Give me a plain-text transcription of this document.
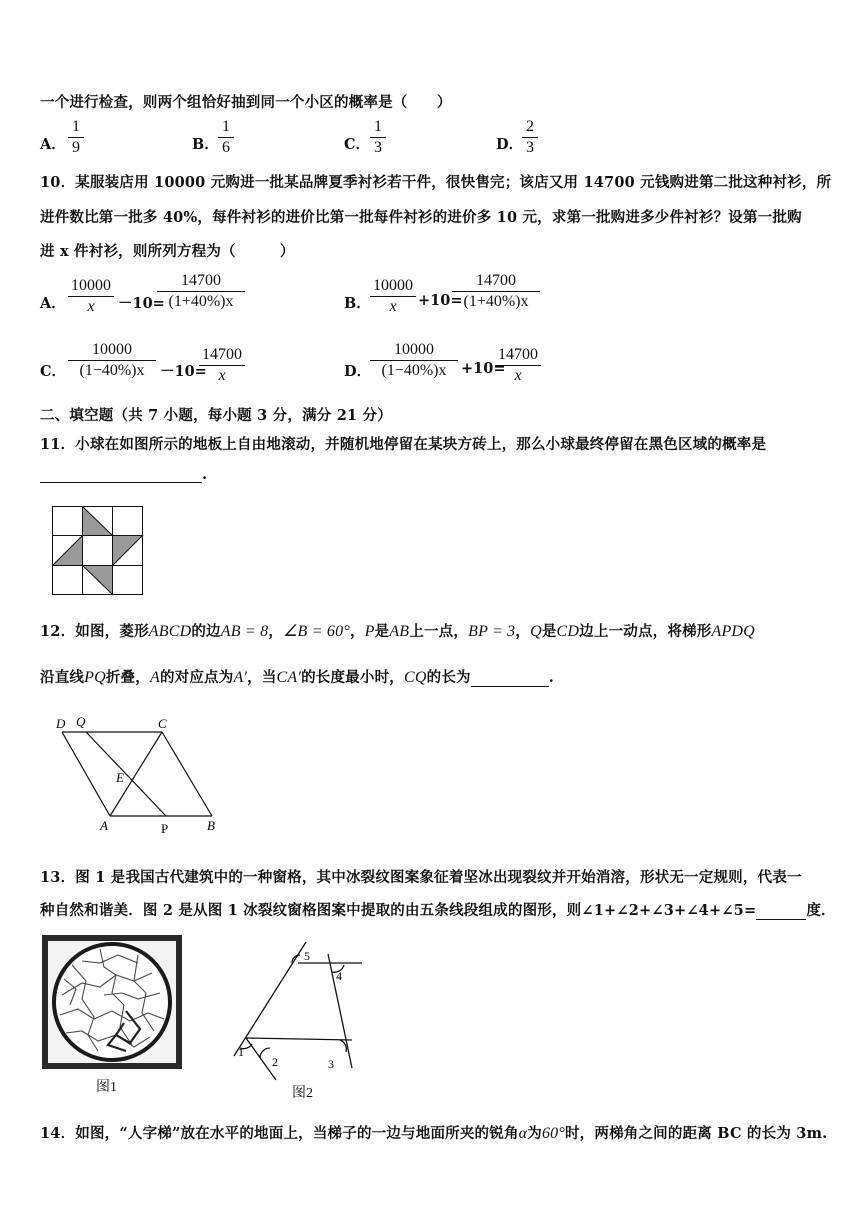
一个进行检查，则两个组恰好抽到同一个小区的概率是（　　）
A．
1
9	B．
1
6	C．
1
3	D．
2
3
10．某服装店用 10000 元购进一批某品牌夏季衬衫若干件，很快售完；该店又用 14700 元钱购进第二批这种衬衫，所
进件数比第一批多 40%，每件衬衫的进价比第一批每件衬衫的进价多 10 元，求第一批购进多少件衬衫？设第一批购
进 x 件衬衫，则所列方程为（　　　）
A．
10000
x	－10=
14700
(1+40%)x	B．
10000
x	+10=
14700
(1+40%)x
C．
10000
(1−40%)x	－10=
14700
x	D．
10000
(1−40%)x	+10=
14700
x
二、填空题（共 7 小题，每小题 3 分，满分 21 分）
11．小球在如图所示的地板上自由地滚动，并随机地停留在某块方砖上，那么小球最终停留在黑色区域的概率是
.
12．如图，菱形ABCD的边AB = 8，∠B = 60°，P是AB上一点，BP = 3，Q是CD边上一动点，将梯形APDQ
沿直线PQ折叠，A的对应点为A′，当CA′的长度最小时，CQ的长为	.
D Q	C
E
A	P	B
13．图 1 是我国古代建筑中的一种窗格，其中冰裂纹图案象征着坚冰出现裂纹并开始消溶，形状无一定规则，代表一
种自然和谐美．图 2 是从图 1 冰裂纹窗格图案中提取的由五条线段组成的图形，则∠1+∠2+∠3+∠4+∠5=	度．
图1
1
2	3
4
5
图2
14．如图，“人字梯”放在水平的地面上，当梯子的一边与地面所夹的锐角α为60°时，两梯角之间的距离 BC 的长为 3m.
